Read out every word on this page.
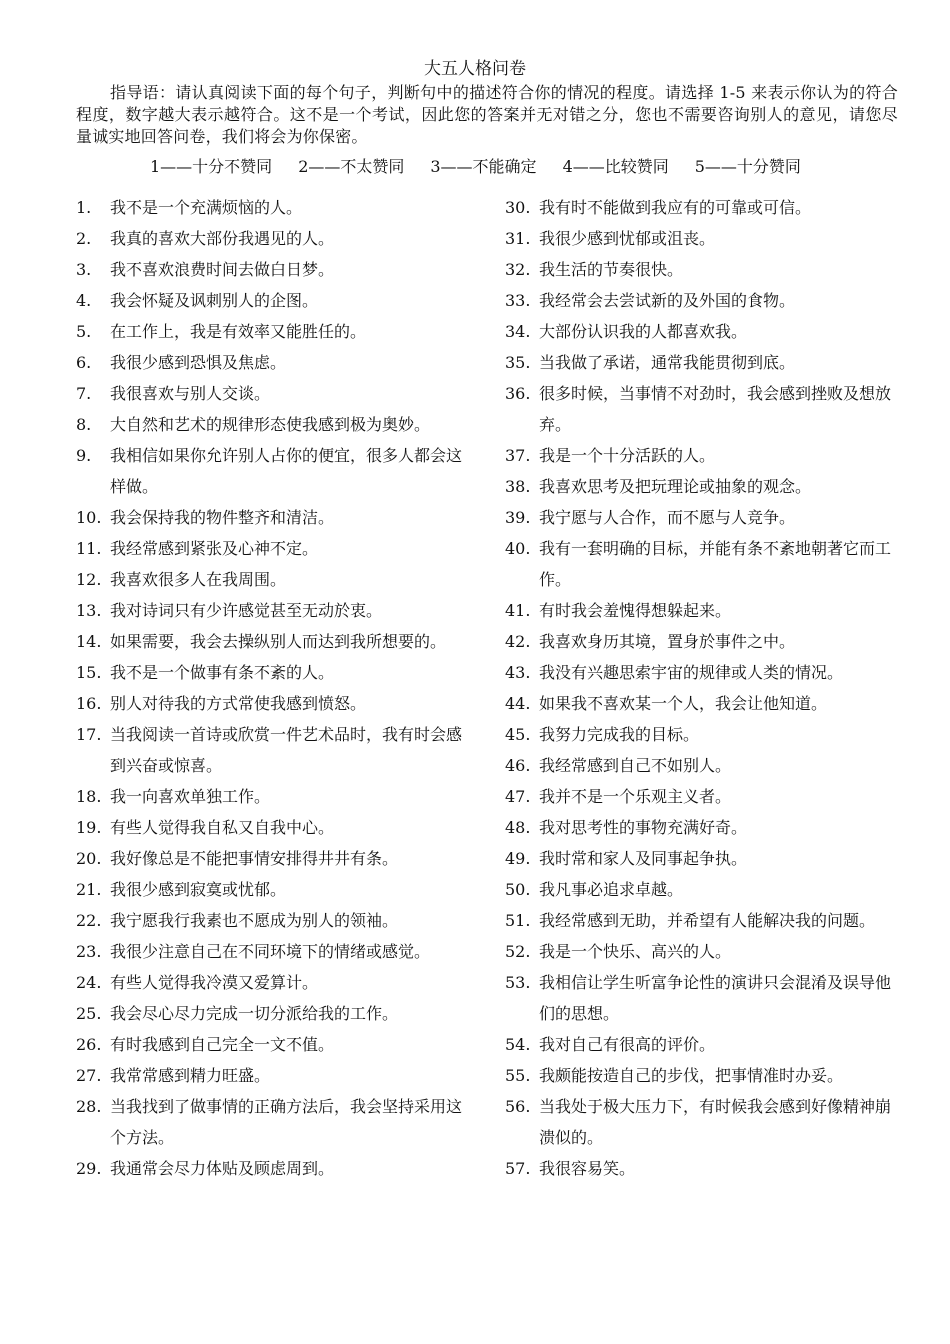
大五人格问卷

指导语：请认真阅读下面的每个句子，判断句中的描述符合你的情况的程度。请选择 1-5 来表示你认为的符合程度，数字越大表示越符合。这不是一个考试，因此您的答案并无对错之分，您也不需要咨询别人的意见，请您尽量诚实地回答问卷，我们将会为你保密。

1——十分不赞同 2——不太赞同 3——不能确定 4——比较赞同 5——十分赞同
1.	我不是一个充满烦恼的人。
2.	我真的喜欢大部份我遇见的人。
3.	我不喜欢浪费时间去做白日梦。
4.	我会怀疑及讽刺别人的企图。
5.	在工作上，我是有效率又能胜任的。
6.	我很少感到恐惧及焦虑。
7.	我很喜欢与别人交谈。
8.	大自然和艺术的规律形态使我感到极为奥妙。
9.	我相信如果你允许别人占你的便宜，很多人都会这样做。
10. 我会保持我的物件整齐和清洁。
11. 我经常感到紧张及心神不定。
12. 我喜欢很多人在我周围。
13. 我对诗词只有少许感觉甚至无动於衷。
14. 如果需要，我会去操纵别人而达到我所想要的。
15. 我不是一个做事有条不紊的人。
16. 别人对待我的方式常使我感到愤怒。
17. 当我阅读一首诗或欣赏一件艺术品时，我有时会感到兴奋或惊喜。
18. 我一向喜欢单独工作。
19. 有些人觉得我自私又自我中心。
20. 我好像总是不能把事情安排得井井有条。
21. 我很少感到寂寞或忧郁。
22. 我宁愿我行我素也不愿成为别人的领袖。
23. 我很少注意自己在不同环境下的情绪或感觉。
24. 有些人觉得我冷漠又爱算计。
25. 我会尽心尽力完成一切分派给我的工作。
26. 有时我感到自己完全一文不值。
27. 我常常感到精力旺盛。
28. 当我找到了做事情的正确方法后，我会坚持采用这个方法。
29. 我通常会尽力体贴及顾虑周到。
30. 我有时不能做到我应有的可靠或可信。
31. 我很少感到忧郁或沮丧。
32. 我生活的节奏很快。
33. 我经常会去尝试新的及外国的食物。
34. 大部份认识我的人都喜欢我。
35. 当我做了承诺，通常我能贯彻到底。
36. 很多时候，当事情不对劲时，我会感到挫败及想放弃。
37. 我是一个十分活跃的人。
38. 我喜欢思考及把玩理论或抽象的观念。
39. 我宁愿与人合作，而不愿与人竞争。
40. 我有一套明确的目标，并能有条不紊地朝著它而工作。
41. 有时我会羞愧得想躲起来。
42. 我喜欢身历其境，置身於事件之中。
43. 我没有兴趣思索宇宙的规律或人类的情况。
44. 如果我不喜欢某一个人，我会让他知道。
45. 我努力完成我的目标。
46. 我经常感到自己不如别人。
47. 我并不是一个乐观主义者。
48. 我对思考性的事物充满好奇。
49. 我时常和家人及同事起争执。
50. 我凡事必追求卓越。
51. 我经常感到无助，并希望有人能解决我的问题。
52. 我是一个快乐、高兴的人。
53. 我相信让学生听富争论性的演讲只会混淆及误导他们的思想。
54. 我对自己有很高的评价。
55. 我颇能按造自己的步伐，把事情准时办妥。
56. 当我处于极大压力下，有时候我会感到好像精神崩溃似的。
57. 我很容易笑。
